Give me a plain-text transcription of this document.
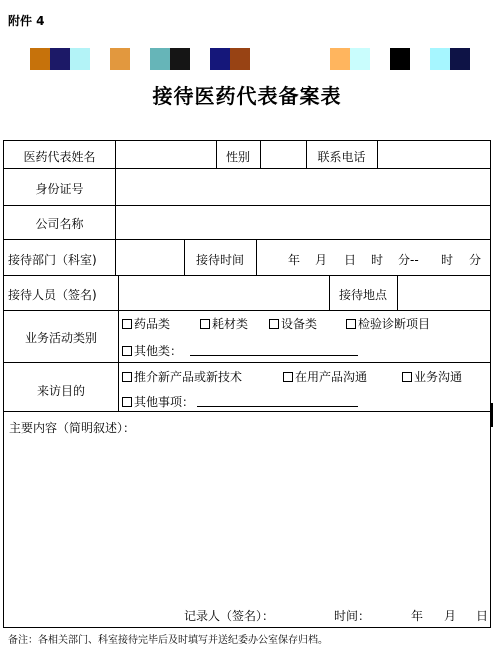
附件 4
接待医药代表备案表
医药代表姓名	性别	联系电话
身份证号
公司名称
接待部门（科室)	接待时间	年 月 日 时 分-- 时 分
接待人员（签名)	接待地点
业务活动类别
药品类	耗材类	设备类	检验诊断项目
其他类：
来访目的
推介新产品或新技术	在用产品沟通	业务沟通
其他事项：
主要内容（简明叙述）：
记录人（签名）：	时间：	年 月 日
备注：各相关部门、科室接待完毕后及时填写并送纪委办公室保存归档。
